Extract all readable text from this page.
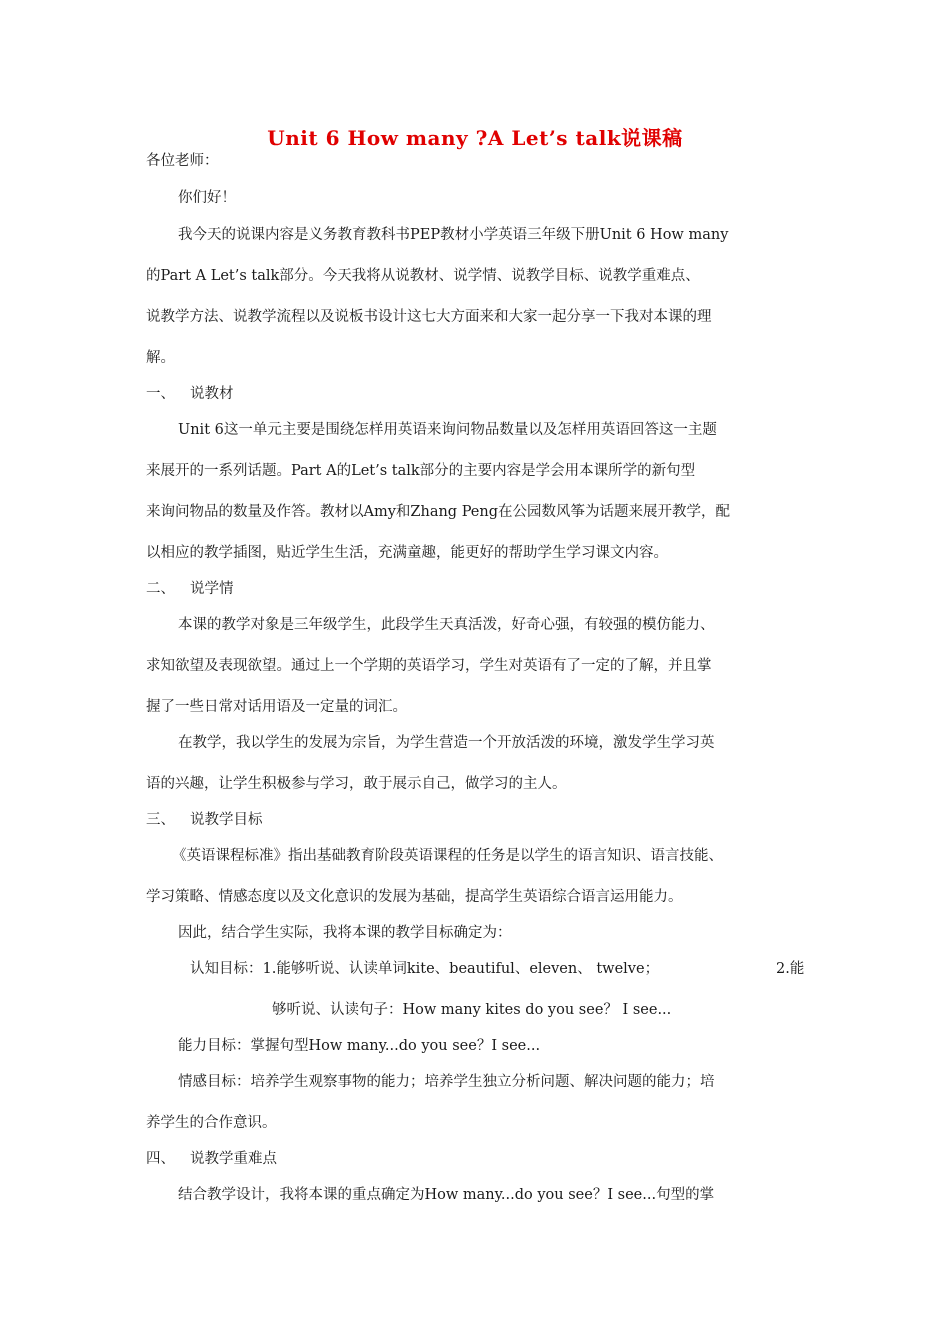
Unit 6 How many ?A Let’s talk说课稿
各位老师：
你们好！
我今天的说课内容是义务教育教科书PEP教材小学英语三年级下册Unit 6 How many
的Part A Let’s talk部分。今天我将从说教材、说学情、说教学目标、说教学重难点、
说教学方法、说教学流程以及说板书设计这七大方面来和大家一起分享一下我对本课的理
解。
一、 说教材
Unit 6这一单元主要是围绕怎样用英语来询问物品数量以及怎样用英语回答这一主题
来展开的一系列话题。Part A的Let’s talk部分的主要内容是学会用本课所学的新句型
来询问物品的数量及作答。教材以Amy和Zhang Peng在公园数风筝为话题来展开教学，配
以相应的教学插图，贴近学生生活，充满童趣，能更好的帮助学生学习课文内容。
二、 说学情
本课的教学对象是三年级学生，此段学生天真活泼，好奇心强，有较强的模仿能力、
求知欲望及表现欲望。通过上一个学期的英语学习，学生对英语有了一定的了解，并且掌
握了一些日常对话用语及一定量的词汇。
在教学，我以学生的发展为宗旨，为学生营造一个开放活泼的环境，激发学生学习英
语的兴趣，让学生积极参与学习，敢于展示自己，做学习的主人。
三、 说教学目标
《英语课程标准》指出基础教育阶段英语课程的任务是以学生的语言知识、语言技能、
学习策略、情感态度以及文化意识的发展为基础，提高学生英语综合语言运用能力。
因此，结合学生实际，我将本课的教学目标确定为：
认知目标：1.能够听说、认读单词kite、beautiful、eleven、 twelve；	2.能
够听说、认读句子：How many kites do you see？ I see...
能力目标：掌握句型How many...do you see？I see...
情感目标：培养学生观察事物的能力；培养学生独立分析问题、解决问题的能力；培
养学生的合作意识。
四、 说教学重难点
结合教学设计，我将本课的重点确定为How many...do you see？I see...句型的掌
